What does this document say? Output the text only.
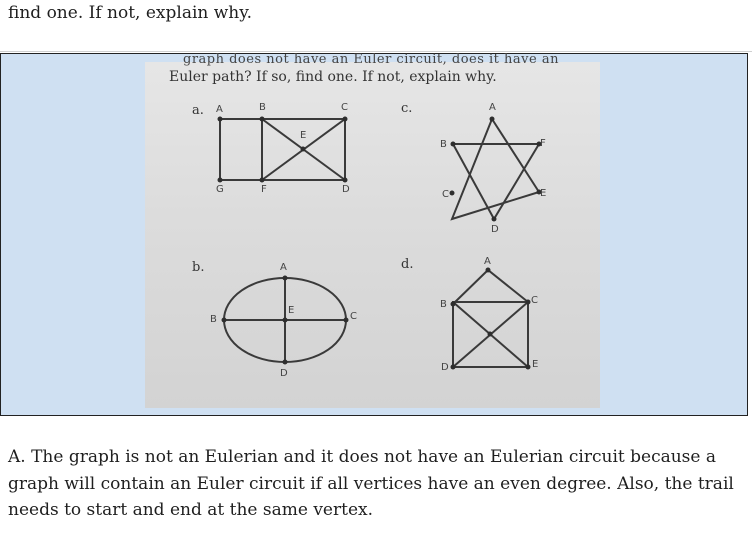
find one. If not, explain why.
graph does not have an Euler circuit, does it have an
Euler path? If so, find one. If not, explain why.
a.	c.
b.	d.
A	B	C
E
G	F	D
A
B	F
C	E
D
A
B
E
C
D
A
B	C
D	E
A. The graph is not an Eulerian and it does not have an Eulerian circuit because a graph will contain an Euler circuit if all vertices have an even degree. Also, the trail needs to start and end at the same vertex.
